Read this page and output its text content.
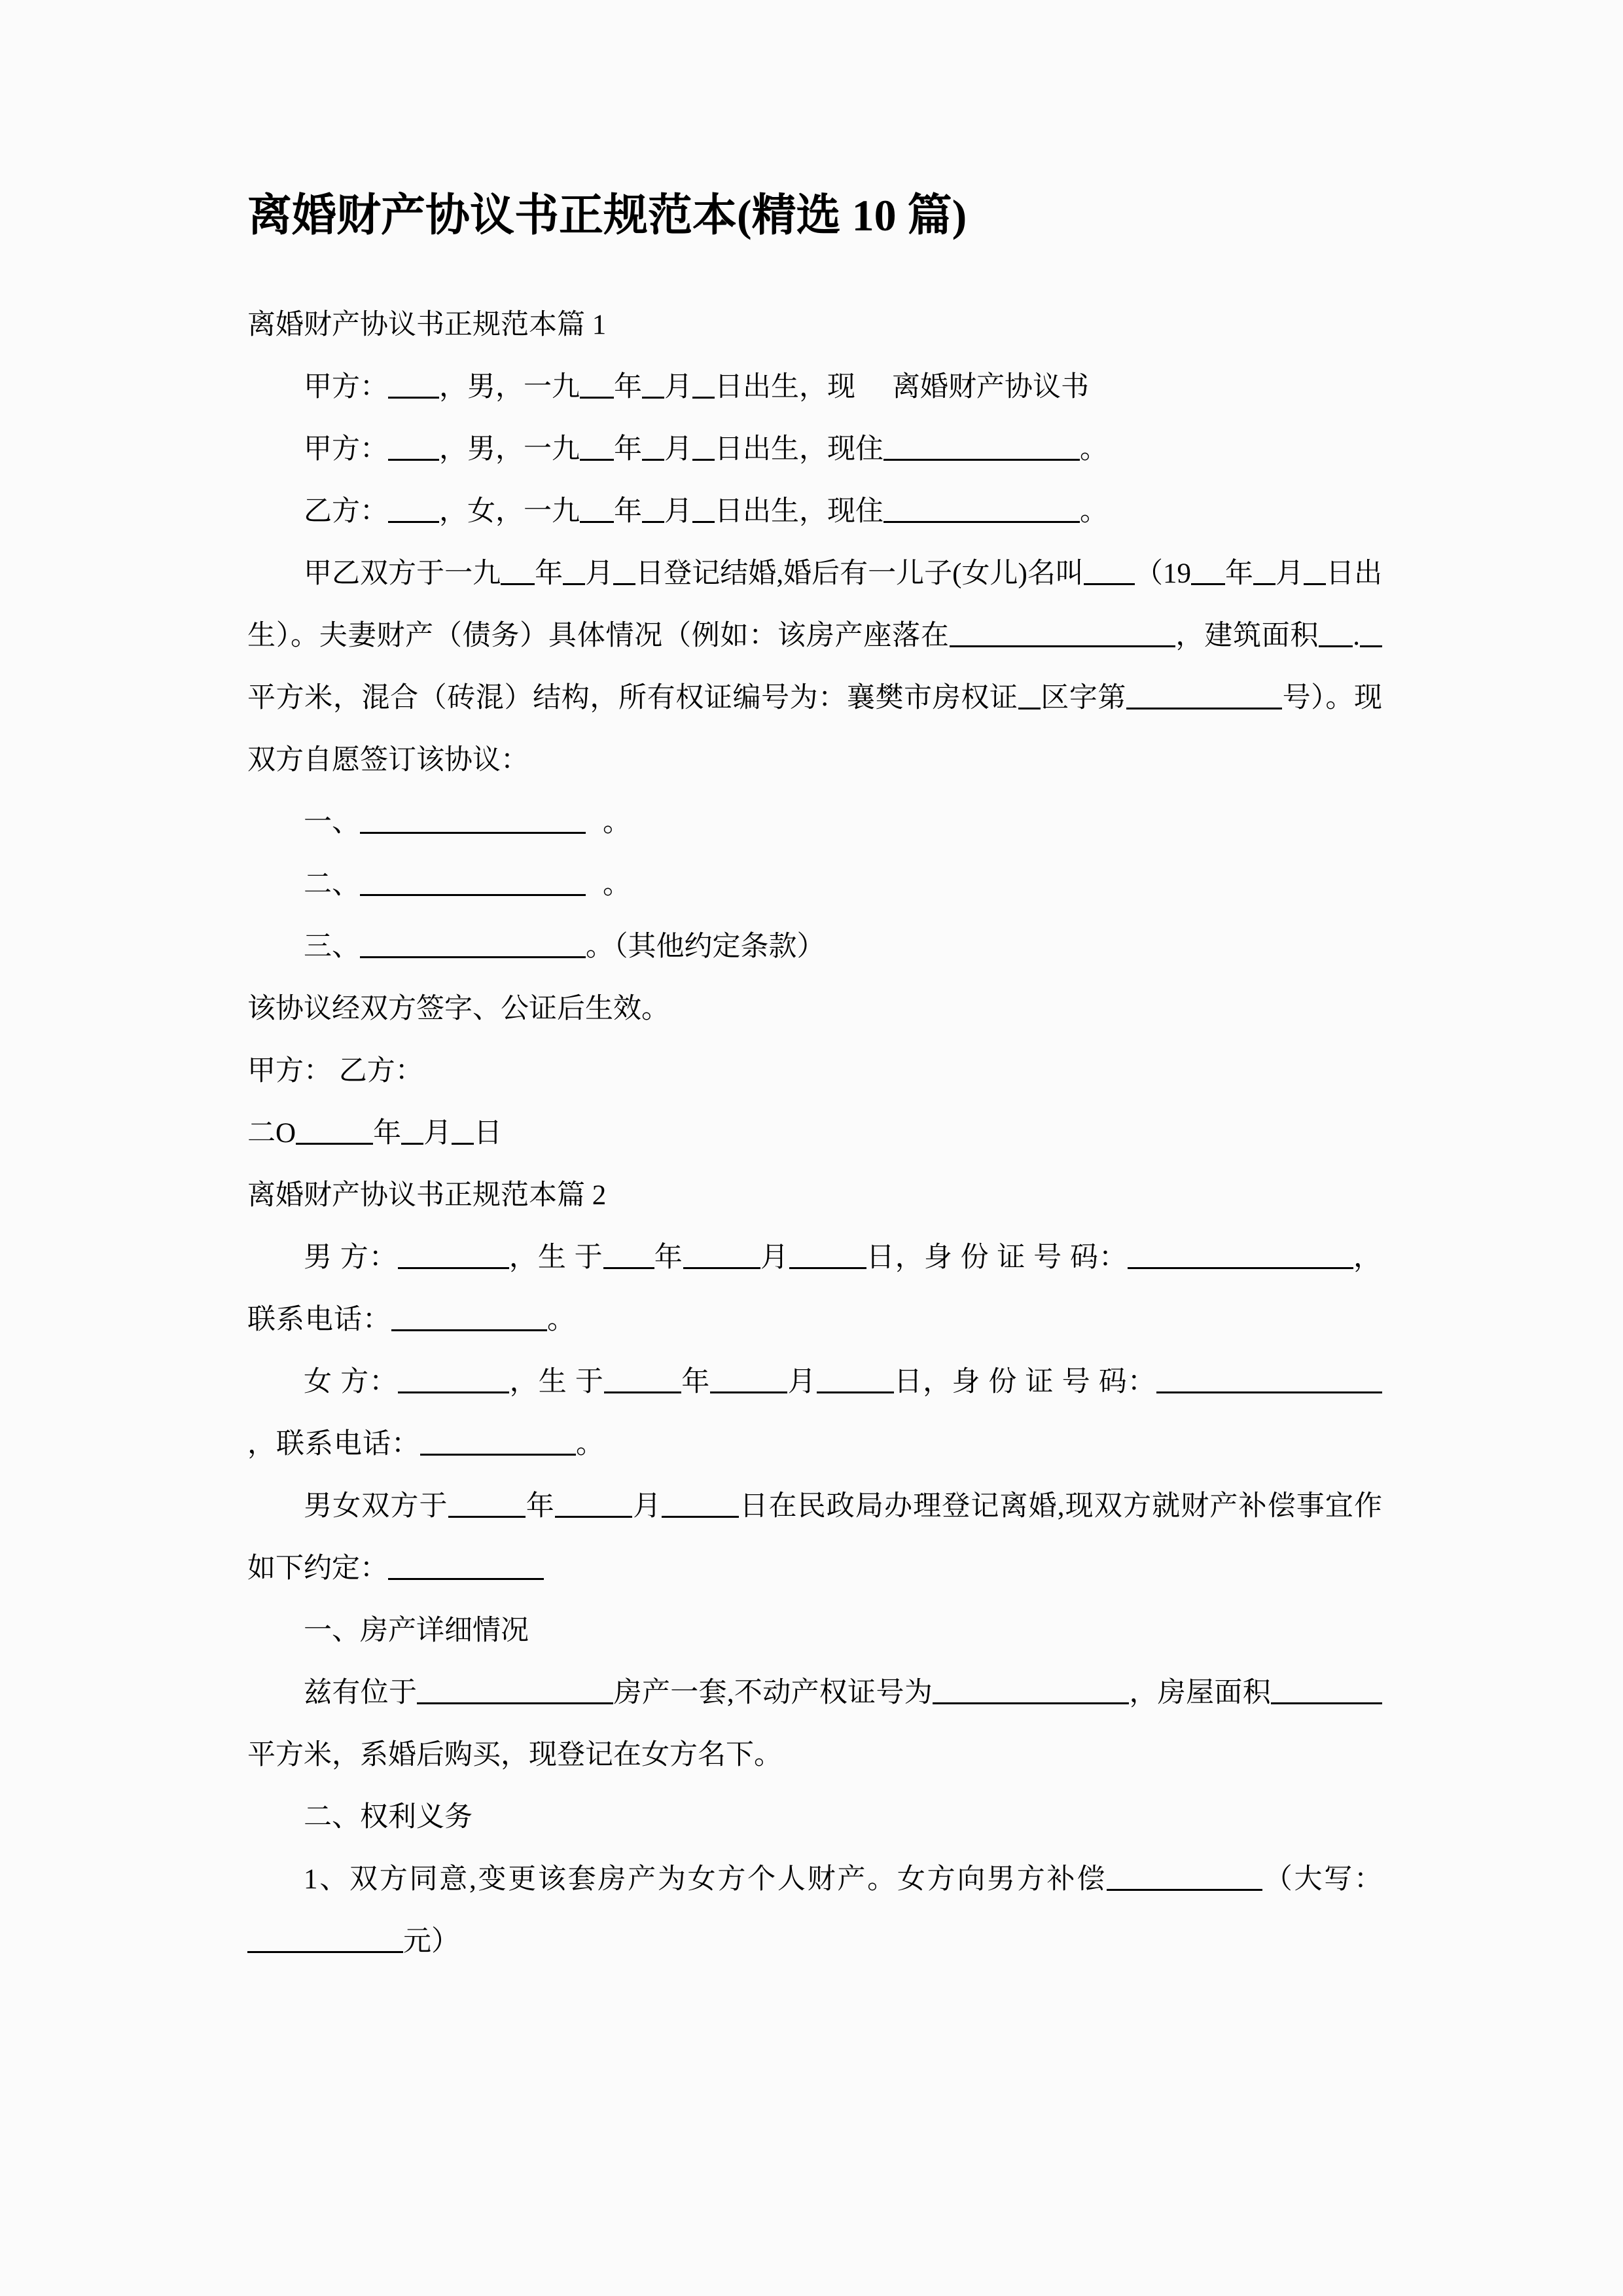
离婚财产协议书正规范本(精选 10 篇)

离婚财产协议书正规范本篇 1

甲方： ，男，一九 年 月 日出生，现 离婚财产协议书

甲方： ，男，一九 年 月 日出生，现住	。

乙方： ，女，一九 年 月 日出生，现住	。

甲乙双方于一九 年 月 日登记结婚,婚后有一儿子(女儿)名叫 （19 年 月 日出生）。夫妻财产（债务）具体情况（例如：该房产座落在	，建筑面积 .平方米，混合（砖混）结构，所有权证编号为：襄樊市房权证 区字第	号）。现双方自愿签订该协议：

一、	。

二、	。

三、	。（其他约定条款）

该协议经双方签字、公证后生效。

甲方： 乙方：

二O	年 月 日

离婚财产协议书正规范本篇 2

男 方：	，生 于 年	月	日，身 份 证 号 码：	，联系电话：	。

女 方：	，生 于	年	月	日，身 份 证 号 码：，联系电话：	。

男女双方于	年	月	日在民政局办理登记离婚,现双方就财产补偿事宜作如下约定：

一、房产详细情况

兹有位于	房产一套,不动产权证号为	，房屋面积平方米，系婚后购买，现登记在女方名下。

二、权利义务

1、双方同意,变更该套房产为女方个人财产。女方向男方补偿	（大写：元）
